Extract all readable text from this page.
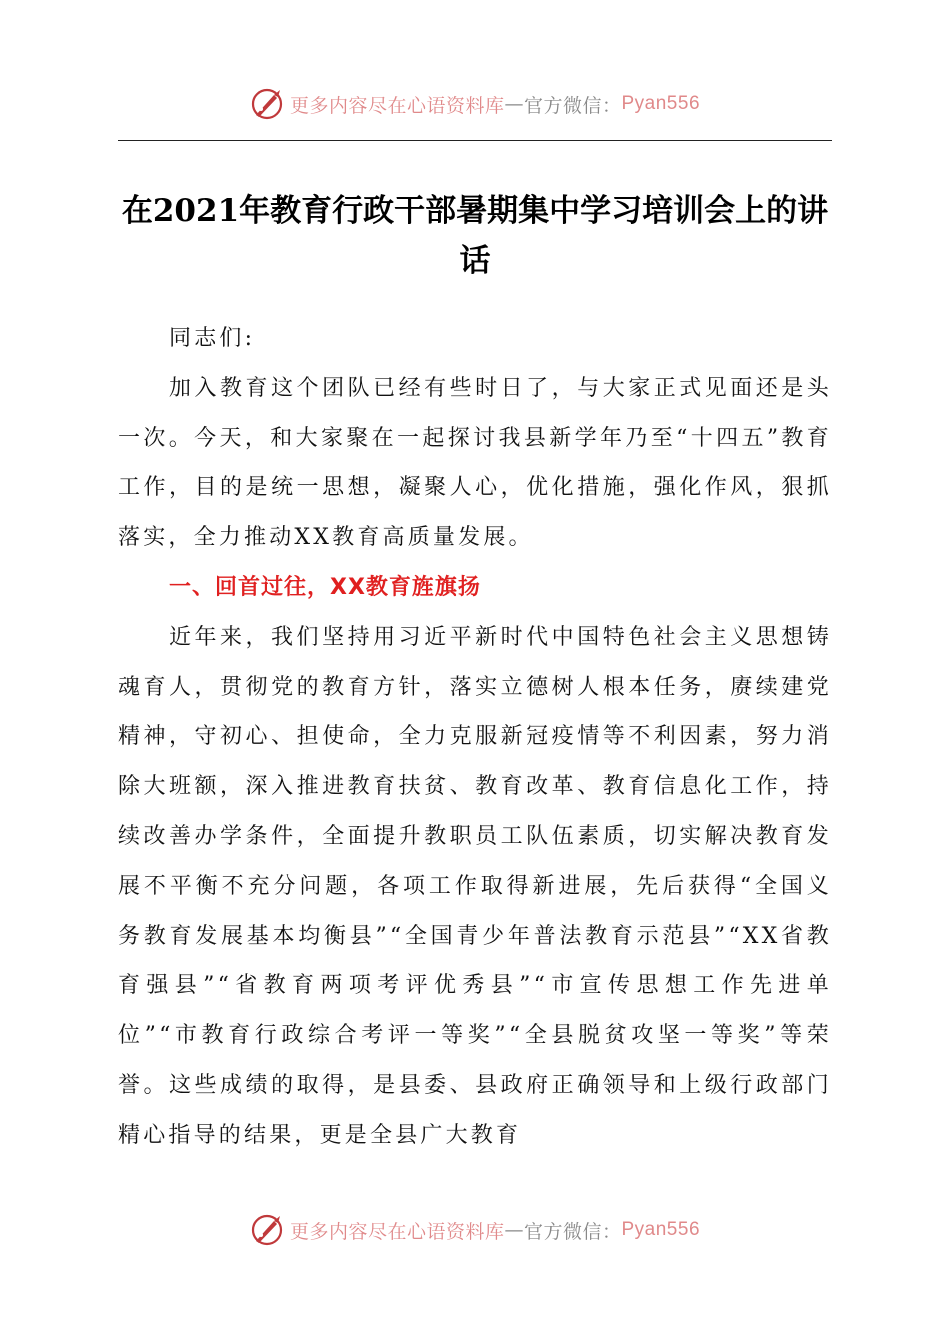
更多内容尽在心语资料库 — 官方微信： Pyan556
在2021年教育行政干部暑期集中学习培训会上的讲话

同志们:

加入教育这个团队已经有些时日了，与大家正式见面还是头一次。今天，和大家聚在一起探讨我县新学年乃至“十四五”教育工作，目的是统一思想，凝聚人心，优化措施，强化作风，狠抓落实，全力推动XX教育高质量发展。

一、回首过往，XX教育旌旗扬

近年来，我们坚持用习近平新时代中国特色社会主义思想铸魂育人，贯彻党的教育方针，落实立德树人根本任务，赓续建党精神，守初心、担使命，全力克服新冠疫情等不利因素，努力消除大班额，深入推进教育扶贫、教育改革、教育信息化工作，持续改善办学条件，全面提升教职员工队伍素质，切实解决教育发展不平衡不充分问题，各项工作取得新进展，先后获得“全国义务教育发展基本均衡县”“全国青少年普法教育示范县”“XX省教育强县”“省教育两项考评优秀县”“市宣传思想工作先进单位”“市教育行政综合考评一等奖”“全县脱贫攻坚一等奖”等荣誉。这些成绩的取得，是县委、县政府正确领导和上级行政部门精心指导的结果，更是全县广大教育

更多内容尽在心语资料库 — 官方微信： Pyan556
